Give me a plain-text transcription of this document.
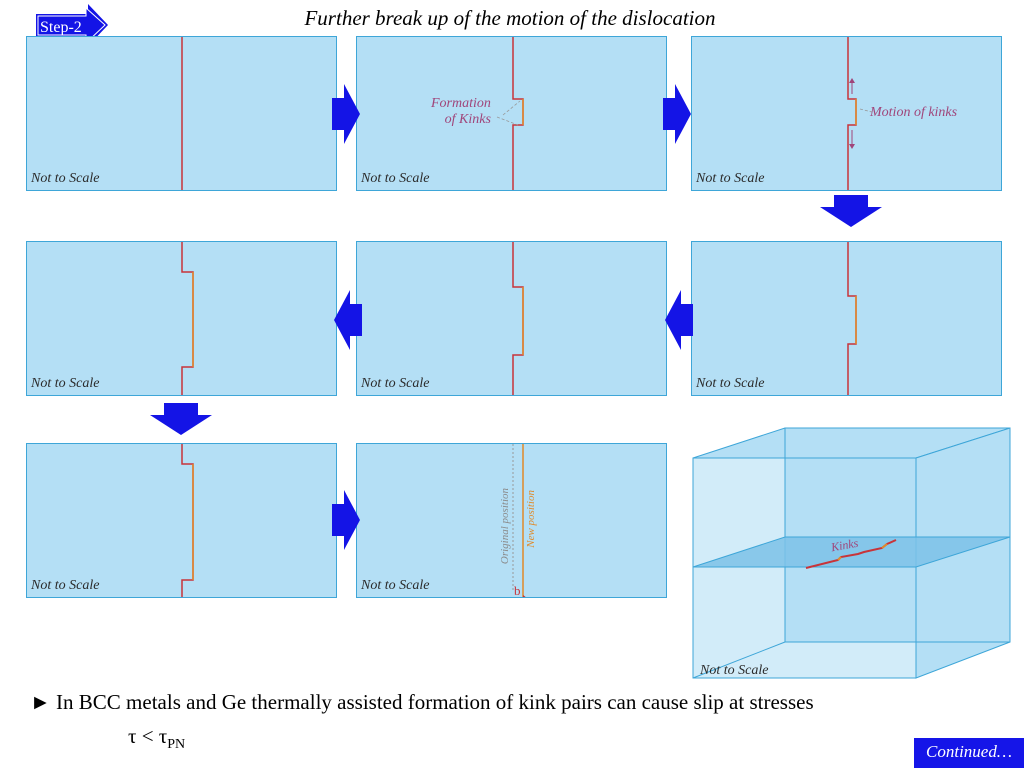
Further break up of the motion of the dislocation
Step-2
Not to Scale	Not to Scale	Not to Scale
Formation
of Kinks	Motion of kinks
Not to Scale	Not to Scale	Not to Scale
Not to Scale	Not to Scale
Original position New position
b
Not to Scale
Kinks
► In BCC metals and Ge thermally assisted formation of kink pairs can cause slip at stresses
$\tau < \tau_{PN}$	Continued…
